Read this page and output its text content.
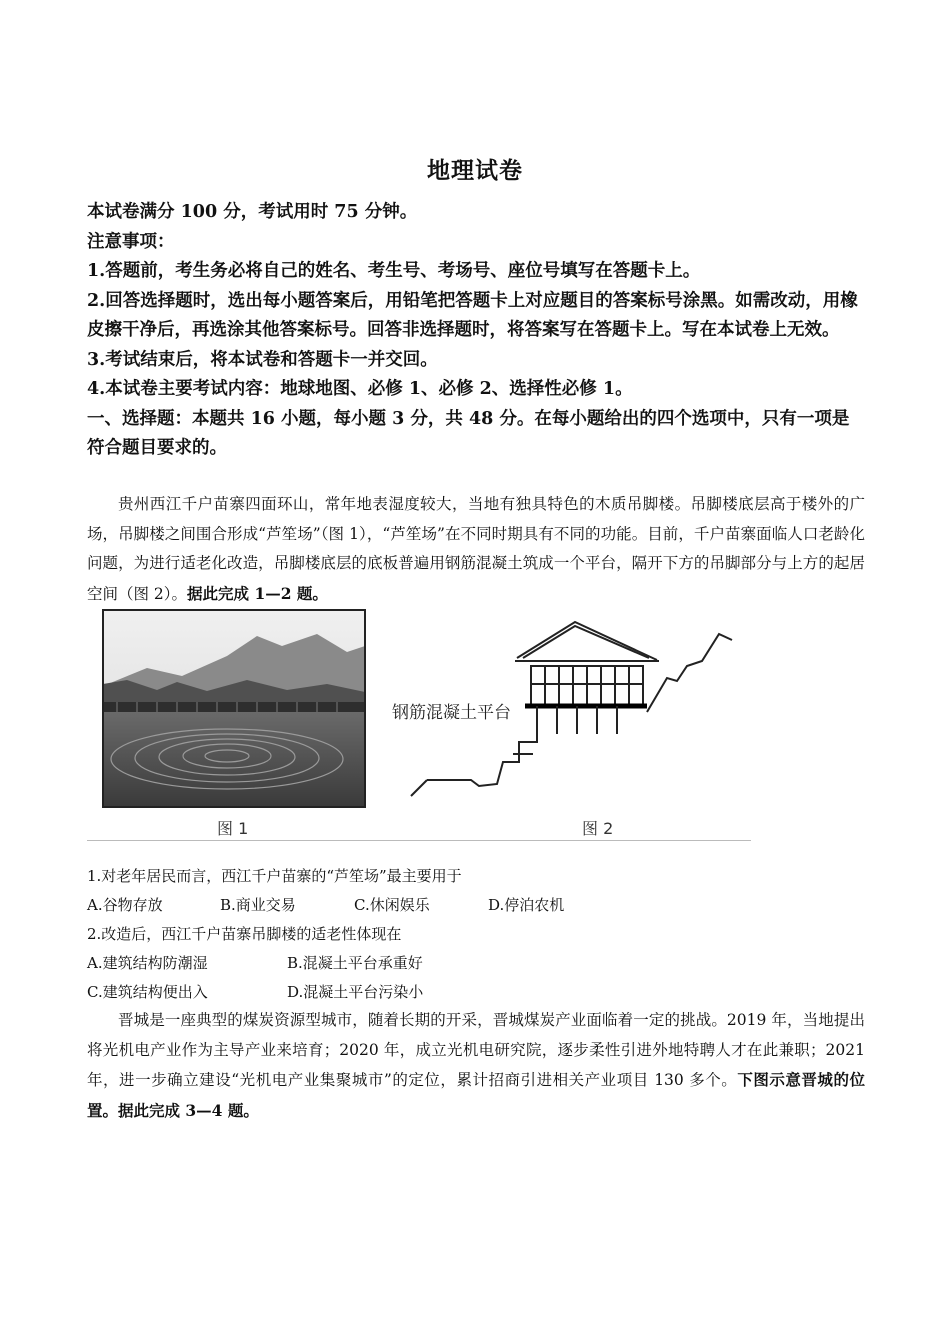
地理试卷

本试卷满分 100 分，考试用时 75 分钟。

注意事项：

1.答题前，考生务必将自己的姓名、考生号、考场号、座位号填写在答题卡上。

2.回答选择题时，选出每小题答案后，用铅笔把答题卡上对应题目的答案标号涂黑。如需改动，用橡皮擦干净后，再选涂其他答案标号。回答非选择题时，将答案写在答题卡上。写在本试卷上无效。

3.考试结束后，将本试卷和答题卡一并交回。

4.本试卷主要考试内容：地球地图、必修 1、必修 2、选择性必修 1。

一、选择题：本题共 16 小题，每小题 3 分，共 48 分。在每小题给出的四个选项中，只有一项是符合题目要求的。

贵州西江千户苗寨四面环山，常年地表湿度较大，当地有独具特色的木质吊脚楼。吊脚楼底层高于楼外的广场，吊脚楼之间围合形成“芦笙场”（图 1），“芦笙场”在不同时期具有不同的功能。目前，千户苗寨面临人口老龄化问题，为进行适老化改造，吊脚楼底层的底板普遍用钢筋混凝土筑成一个平台，隔开下方的吊脚部分与上方的起居空间（图 2）。据此完成 1—2 题。

图 1
钢筋混凝土平台
图 2
1.对老年居民而言，西江千户苗寨的“芦笙场”最主要用于
A.谷物存放	B.商业交易	C.休闲娱乐	D.停泊农机
2.改造后，西江千户苗寨吊脚楼的适老性体现在
A.建筑结构防潮湿	B.混凝土平台承重好
C.建筑结构便出入	D.混凝土平台污染小

晋城是一座典型的煤炭资源型城市，随着长期的开采，晋城煤炭产业面临着一定的挑战。2019 年，当地提出将光机电产业作为主导产业来培育；2020 年，成立光机电研究院，逐步柔性引进外地特聘人才在此兼职；2021 年，进一步确立建设“光机电产业集聚城市”的定位，累计招商引进相关产业项目 130 多个。下图示意晋城的位置。据此完成 3—4 题。
